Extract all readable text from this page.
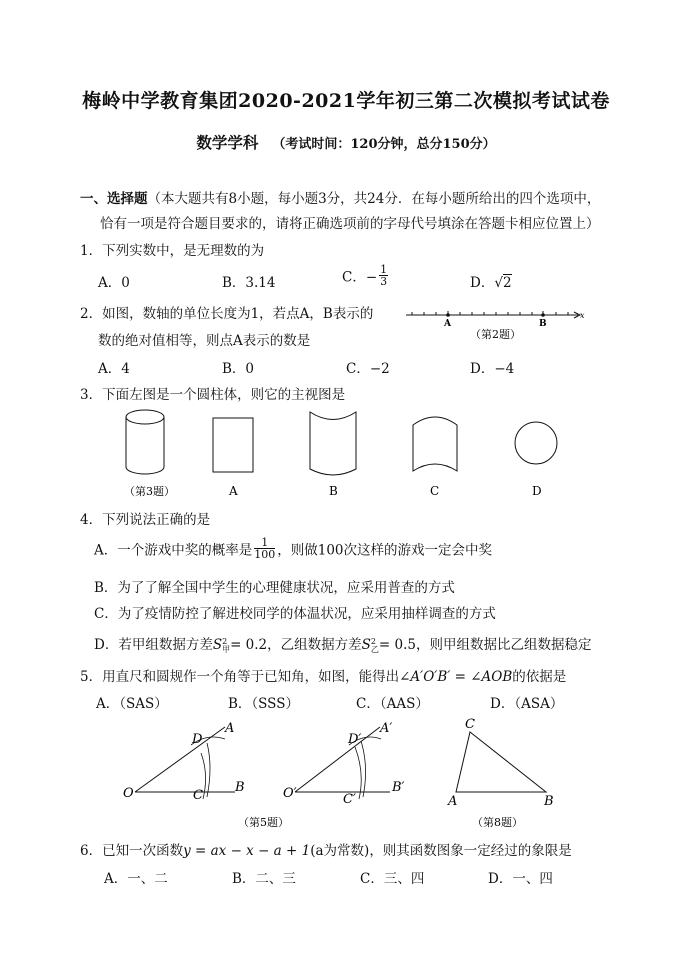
梅岭中学教育集团2020-2021学年初三第二次模拟考试试卷
数学学科 （考试时间：120分钟，总分150分）
一、选择题（本大题共有8小题，每小题3分，共24分．在每小题所给出的四个选项中，
恰有一项是符合题目要求的，请将正确选项前的字母代号填涂在答题卡相应位置上）
1．下列实数中，是无理数的为
A．0	B．3.14	C．− $\frac{1}{3}$	D．√2
2．如图，数轴的单位长度为1，若点A，B表示的
数的绝对值相等，则点A表示的数是
A．4	B．0	C．−2	D．−4
A	B
x
（第2题）
3．下面左图是一个圆柱体，则它的主视图是
（第3题）	A	B	C	D
4．下列说法正确的是
A．一个游戏中奖的概率是 $\frac{1}{100}$ ，则做100次这样的游戏一定会中奖
B．为了了解全国中学生的心理健康状况，应采用普查的方式
C．为了疫情防控了解进校同学的体温状况，应采用抽样调查的方式
D．若甲组数据方差S 2
甲 = 0.2，乙组数据方差S 2
乙 = 0.5，则甲组数据比乙组数据稳定
5．用直尺和圆规作一个角等于已知角，如图，能得出∠A′O′B′ = ∠AOB的依据是
A．（SAS）	B．（SSS）	C．（AAS）	D．（ASA）
O	C
B
D
A
O′	C′
B′
D′
A′
（第5题）
C
A	B
（第8题）
6．已知一次函数y = ax − x − a + 1(a为常数)，则其函数图象一定经过的象限是
A．一、二	B．二、三	C．三、四	D．一、四
